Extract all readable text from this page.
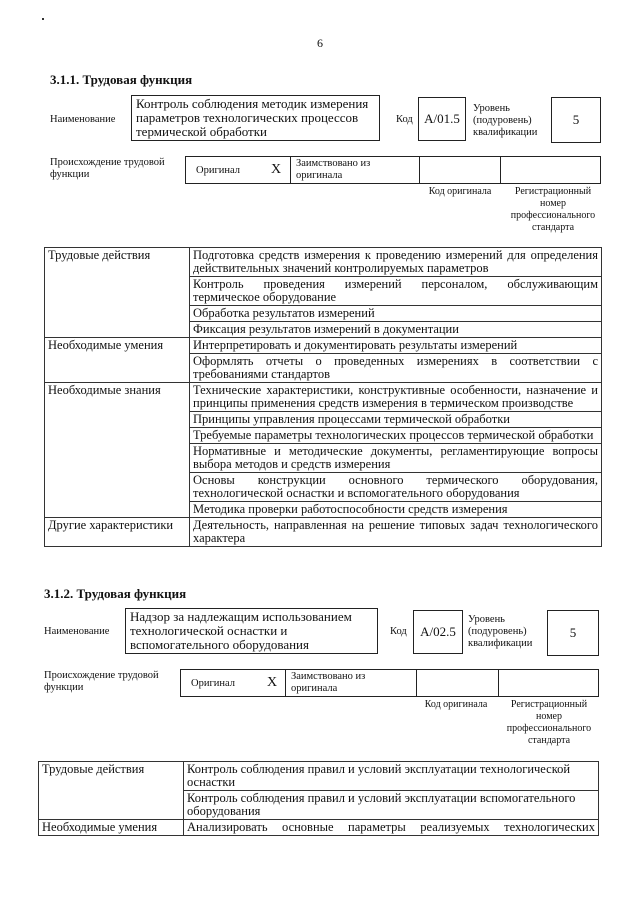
6
3.1.1. Трудовая функция
Наименование
Контроль соблюдения методик измерения
параметров технологических процессов
термической обработки
Код А/01.5
Уровень
(подуровень)
квалификации
5
Происхождение трудовой
функции	Оригинал X Заимствовано из
оригинала
Код оригинала	Регистрационный
номер
профессионального
стандарта
Трудовые действия	Подготовка средств измерения к проведению измерений для определения действительных значений контролируемых параметров
	Контроль проведения измерений персоналом, обслуживающим термическое оборудование
	Обработка результатов измерений
	Фиксация результатов измерений в документации
Необходимые умения	Интерпретировать и документировать результаты измерений
	Оформлять отчеты о проведенных измерениях в соответствии с требованиями стандартов
Необходимые знания	Технические характеристики, конструктивные особенности, назначение и принципы применения средств измерения в термическом производстве
	Принципы управления процессами термической обработки
	Требуемые параметры технологических процессов термической обработки
	Нормативные и методические документы, регламентирующие вопросы выбора методов и средств измерения
	Основы конструкции основного термического оборудования, технологической оснастки и вспомогательного оборудования
	Методика проверки работоспособности средств измерения
Другие характеристики	Деятельность, направленная на решение типовых задач технологического характера
3.1.2. Трудовая функция
Наименование
Надзор за надлежащим использованием
технологической оснастки и
вспомогательного оборудования
Код	А/02.5
Уровень
(подуровень)
квалификации
5
Происхождение трудовой
функции	Оригинал X Заимствовано из
оригинала
Код оригинала	Регистрационный
номер
профессионального
стандарта
Трудовые действия	Контроль соблюдения правил и условий эксплуатации технологической оснастки
	Контроль соблюдения правил и условий эксплуатации вспомогательного оборудования
Необходимые умения	Анализировать основные параметры реализуемых технологических
